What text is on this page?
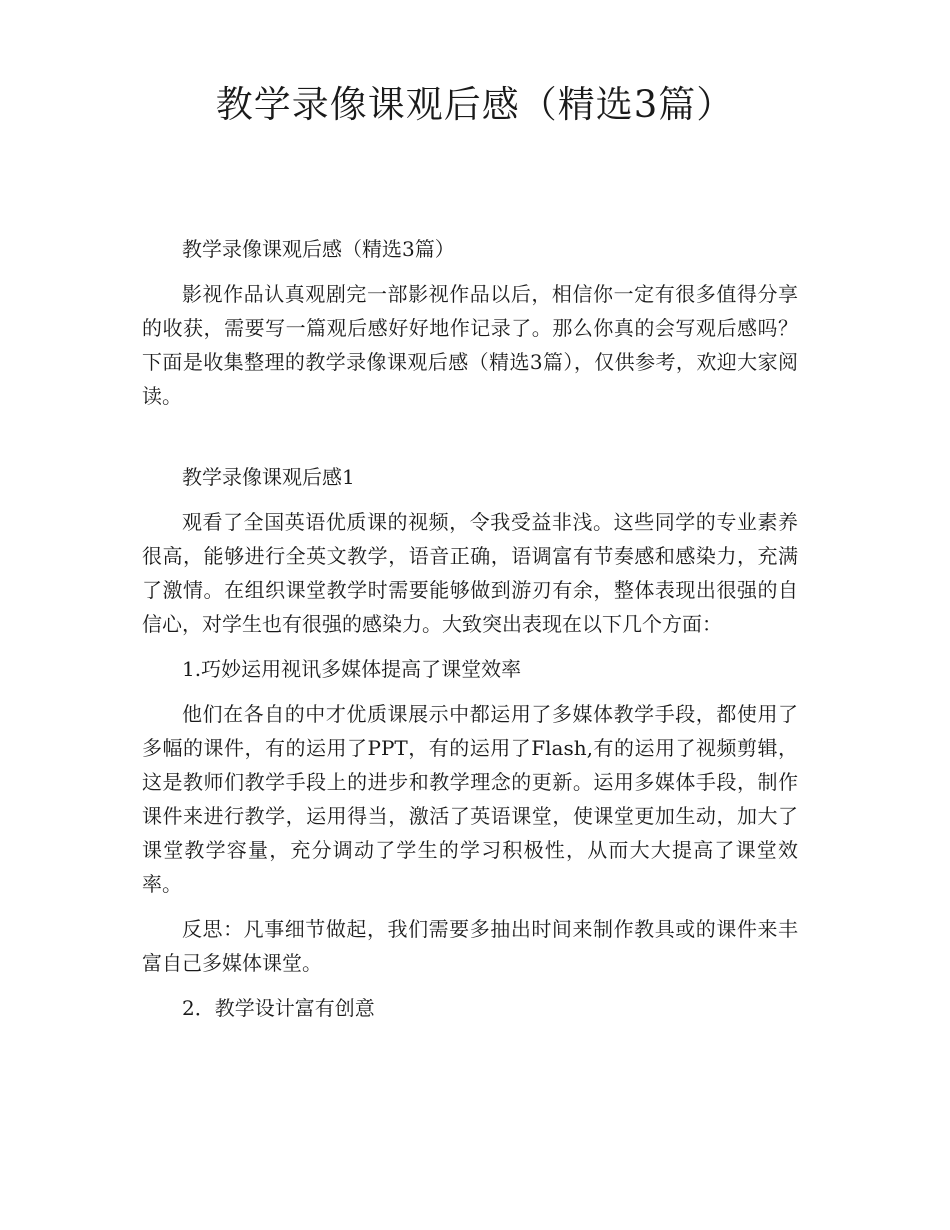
教学录像课观后感（精选3篇）

教学录像课观后感（精选3篇）

影视作品认真观剧完一部影视作品以后，相信你一定有很多值得分享的收获，需要写一篇观后感好好地作记录了。那么你真的会写观后感吗？下面是收集整理的教学录像课观后感（精选3篇），仅供参考，欢迎大家阅读。

教学录像课观后感1

观看了全国英语优质课的视频，令我受益非浅。这些同学的专业素养很高，能够进行全英文教学，语音正确，语调富有节奏感和感染力，充满了激情。在组织课堂教学时需要能够做到游刃有余，整体表现出很强的自信心，对学生也有很强的感染力。大致突出表现在以下几个方面：

1.巧妙运用视讯多媒体提高了课堂效率

他们在各自的中才优质课展示中都运用了多媒体教学手段，都使用了多幅的课件，有的运用了PPT，有的运用了Flash,有的运用了视频剪辑，这是教师们教学手段上的进步和教学理念的更新。运用多媒体手段，制作课件来进行教学，运用得当，激活了英语课堂，使课堂更加生动，加大了课堂教学容量，充分调动了学生的学习积极性，从而大大提高了课堂效率。

反思：凡事细节做起，我们需要多抽出时间来制作教具或的课件来丰富自己多媒体课堂。

2．教学设计富有创意
